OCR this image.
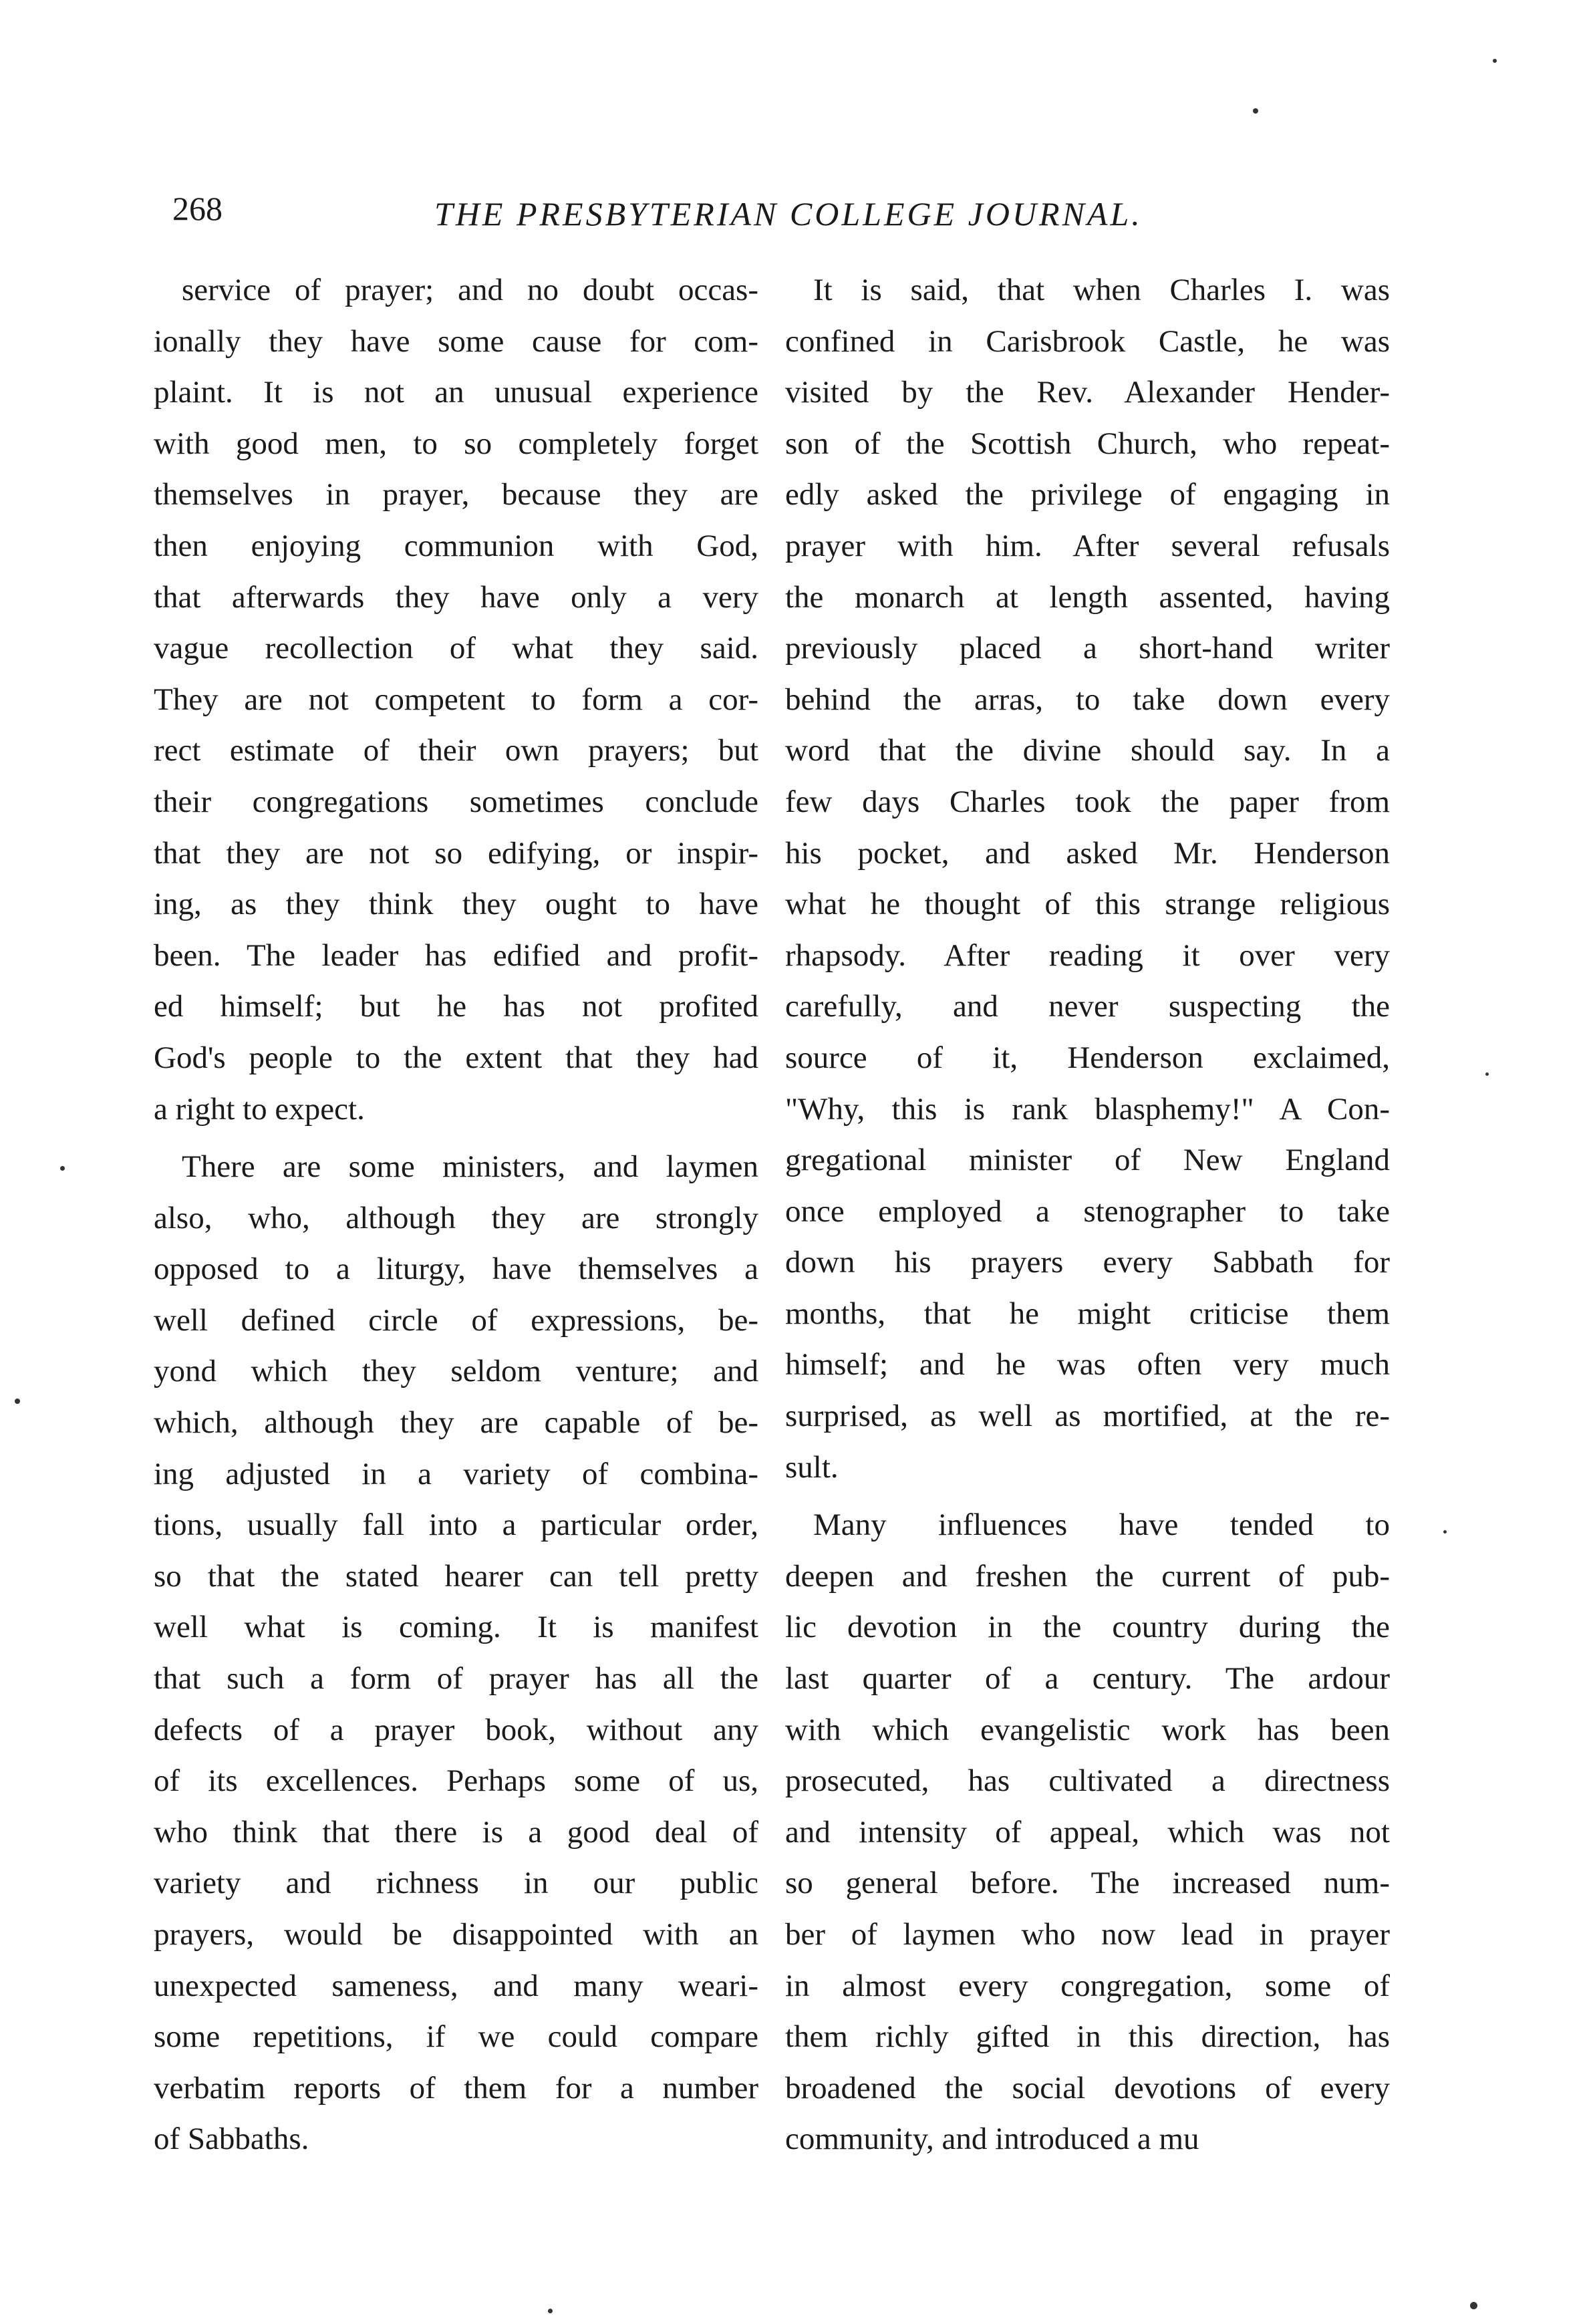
268	THE PRESBYTERIAN COLLEGE JOURNAL.
service of prayer; and no doubt occas-
ionally they have some cause for com-
plaint. It is not an unusual experience
with good men, to so completely forget
themselves in prayer, because they are
then enjoying communion with God,
that afterwards they have only a very
vague recollection of what they said.
They are not competent to form a cor-
rect estimate of their own prayers; but
their congregations sometimes conclude
that they are not so edifying, or inspir-
ing, as they think they ought to have
been. The leader has edified and profit-
ed himself; but he has not profited
God's people to the extent that they had
a right to expect.
There are some ministers, and laymen
also, who, although they are strongly
opposed to a liturgy, have themselves a
well defined circle of expressions, be-
yond which they seldom venture; and
which, although they are capable of be-
ing adjusted in a variety of combina-
tions, usually fall into a particular order,
so that the stated hearer can tell pretty
well what is coming. It is manifest
that such a form of prayer has all the
defects of a prayer book, without any
of its excellences. Perhaps some of us,
who think that there is a good deal of
variety and richness in our public
prayers, would be disappointed with an
unexpected sameness, and many weari-
some repetitions, if we could compare
verbatim reports of them for a number
of Sabbaths.
It is said, that when Charles I. was
confined in Carisbrook Castle, he was
visited by the Rev. Alexander Hender-
son of the Scottish Church, who repeat-
edly asked the privilege of engaging in
prayer with him. After several refusals
the monarch at length assented, having
previously placed a short-hand writer
behind the arras, to take down every
word that the divine should say. In a
few days Charles took the paper from
his pocket, and asked Mr. Henderson
what he thought of this strange religious
rhapsody. After reading it over very
carefully, and never suspecting the
source of it, Henderson exclaimed,
"Why, this is rank blasphemy!" A Con-
gregational minister of New England
once employed a stenographer to take
down his prayers every Sabbath for
months, that he might criticise them
himself; and he was often very much
surprised, as well as mortified, at the re-
sult.
Many influences have tended to
deepen and freshen the current of pub-
lic devotion in the country during the
last quarter of a century. The ardour
with which evangelistic work has been
prosecuted, has cultivated a directness
and intensity of appeal, which was not
so general before. The increased num-
ber of laymen who now lead in prayer
in almost every congregation, some of
them richly gifted in this direction, has
broadened the social devotions of every
community, and introduced a mu
